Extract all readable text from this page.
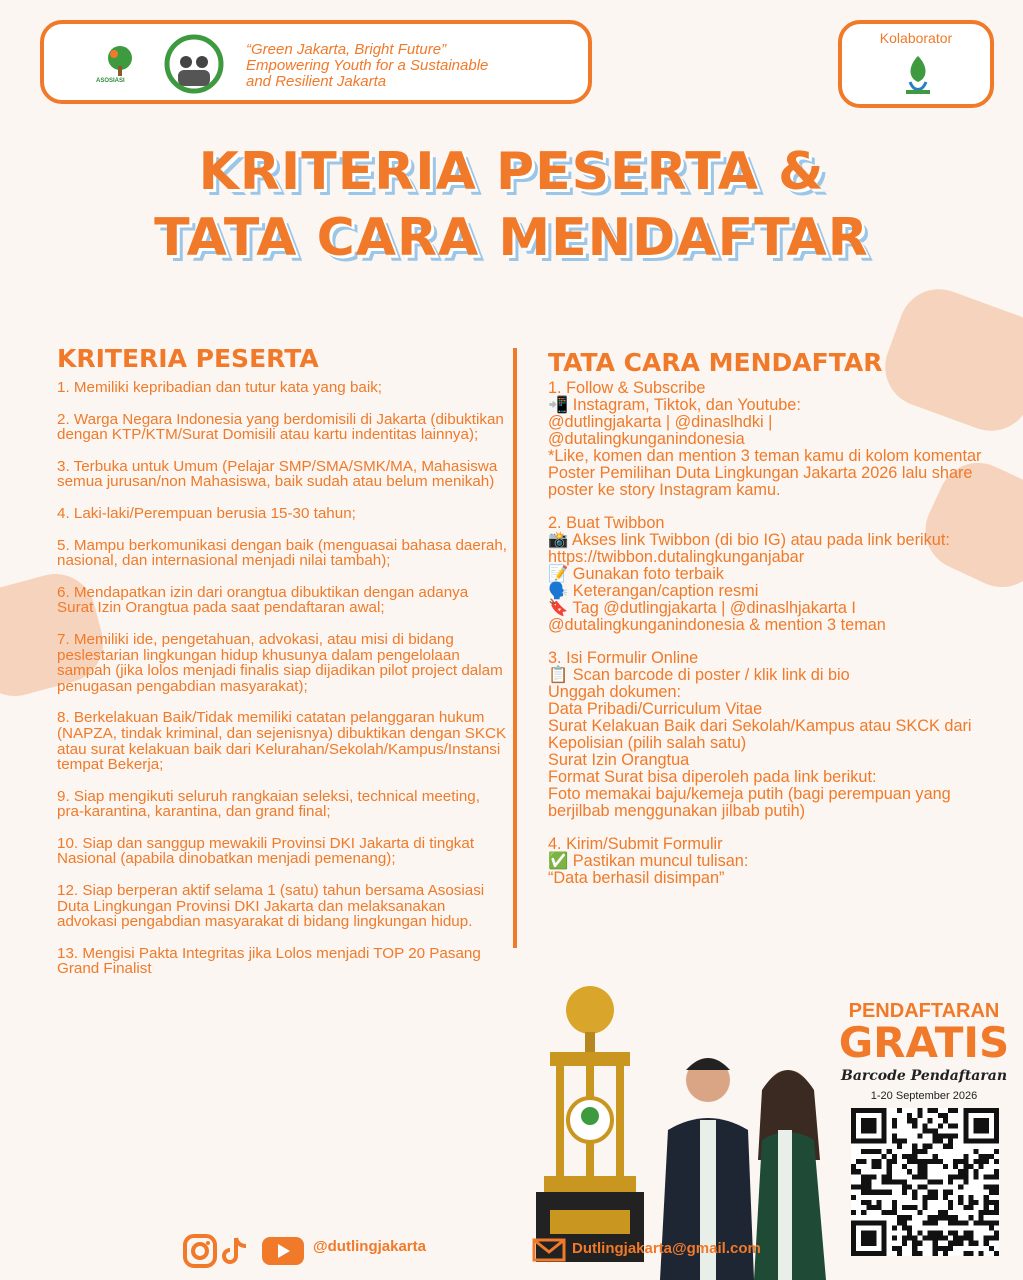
ASOSIASI
“Green Jakarta, Bright Future”
Empowering Youth for a Sustainable
and Resilient Jakarta
Kolaborator
KRITERIA PESERTA &
TATA CARA MENDAFTAR
KRITERIA PESERTA
1. Memiliki kepribadian dan tutur kata yang baik;
2. Warga Negara Indonesia yang berdomisili di Jakarta (dibuktikan dengan KTP/KTM/Surat Domisili atau kartu indentitas lainnya);
3. Terbuka untuk Umum (Pelajar SMP/SMA/SMK/MA, Mahasiswa semua jurusan/non Mahasiswa, baik sudah atau belum menikah)
4. Laki-laki/Perempuan berusia 15-30 tahun;
5. Mampu berkomunikasi dengan baik (menguasai bahasa daerah, nasional, dan internasional menjadi nilai tambah);
6. Mendapatkan izin dari orangtua dibuktikan dengan adanya Surat Izin Orangtua pada saat pendaftaran awal;
7. Memiliki ide, pengetahuan, advokasi, atau misi di bidang peslestarian lingkungan hidup khusunya dalam pengelolaan sampah (jika lolos menjadi finalis siap dijadikan pilot project dalam penugasan pengabdian masyarakat);
8. Berkelakuan Baik/Tidak memiliki catatan pelanggaran hukum (NAPZA, tindak kriminal, dan sejenisnya) dibuktikan dengan SKCK atau surat kelakuan baik dari Kelurahan/Sekolah/Kampus/Instansi tempat Bekerja;
9. Siap mengikuti seluruh rangkaian seleksi, technical meeting, pra-karantina, karantina, dan grand final;
10. Siap dan sanggup mewakili Provinsi DKI Jakarta di tingkat Nasional (apabila dinobatkan menjadi pemenang);
12. Siap berperan aktif selama 1 (satu) tahun bersama Asosiasi Duta Lingkungan Provinsi DKI Jakarta dan melaksanakan advokasi pengabdian masyarakat di bidang lingkungan hidup.
13. Mengisi Pakta Integritas jika Lolos menjadi TOP 20 Pasang Grand Finalist
TATA CARA MENDAFTAR
1. Follow & Subscribe
📲 Instagram, Tiktok, dan Youtube:
@dutlingjakarta | @dinaslhdki |
@dutalingkunganindonesia
*Like, komen dan mention 3 teman kamu di kolom komentar Poster Pemilihan Duta Lingkungan Jakarta 2026 lalu share poster ke story Instagram kamu.
2. Buat Twibbon
📸 Akses link Twibbon (di bio IG) atau pada link berikut: https://twibbon.dutalingkunganjabar
📝 Gunakan foto terbaik
🗣️ Keterangan/caption resmi
🔖 Tag @dutlingjakarta | @dinaslhjakarta I @dutalingkunganindonesia & mention 3 teman
3. Isi Formulir Online
📋 Scan barcode di poster / klik link di bio
Unggah dokumen:
Data Pribadi/Curriculum Vitae
Surat Kelakuan Baik dari Sekolah/Kampus atau SKCK dari Kepolisian (pilih salah satu)
Surat Izin Orangtua
Format Surat bisa diperoleh pada link berikut:
Foto memakai baju/kemeja putih (bagi perempuan yang berjilbab menggunakan jilbab putih)
4. Kirim/Submit Formulir
✅ Pastikan muncul tulisan:
“Data berhasil disimpan”
PENDAFTARAN
GRATIS
Barcode Pendaftaran
1-20 September 2026
@dutlingjakarta	Dutlingjakarta@gmail.com
